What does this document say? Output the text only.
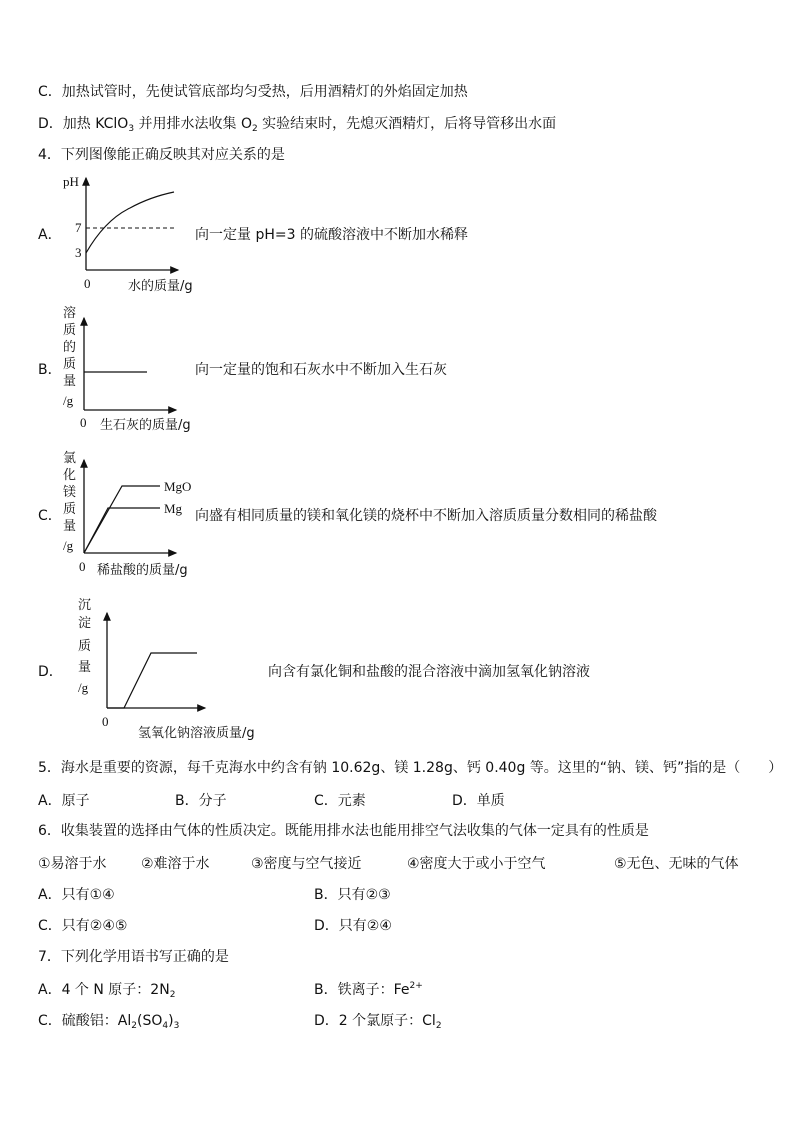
C．加热试管时，先使试管底部均匀受热，后用酒精灯的外焰固定加热
D．加热 KClO$_3$ 并用排水法收集 $O_2$ 实验结束时，先熄灭酒精灯，后将导管移出水面
4．下列图像能正确反映其对应关系的是
A．
pH
7
3
0	水的质量/g
溶
质
的
质
量
/g
0 生石灰的质量/g
MgO
Mg
氯
化
镁
质
量
/g
0 稀盐酸的质量/g
沉
淀
质
量
/g
0
氢氧化钠溶液质量/g
向一定量 pH=3 的硫酸溶液中不断加水稀释
B．	向一定量的饱和石灰水中不断加入生石灰
C．	向盛有相同质量的镁和氧化镁的烧杯中不断加入溶质质量分数相同的稀盐酸
D．	向含有氯化铜和盐酸的混合溶液中滴加氢氧化钠溶液
5．海水是重要的资源，每千克海水中约含有钠 10.62g、镁 1.28g、钙 0.40g 等。这里的“钠、镁、钙”指的是（　　）
A．原子	B．分子	C．元素	D．单质
6．收集装置的选择由气体的性质决定。既能用排水法也能用排空气法收集的气体一定具有的性质是
①易溶于水 ②难溶于水	③密度与空气接近	④密度大于或小于空气	⑤无色、无味的气体
A．只有①④	B．只有②③
C．只有②④⑤	D．只有②④
7．下列化学用语书写正确的是
A．4 个 N 原子：$2N_2$	B．铁离子：$Fe^{2+}$
C．硫酸铝：$Al_2(SO_4)_3$	D．2 个氯原子：$Cl_2$
